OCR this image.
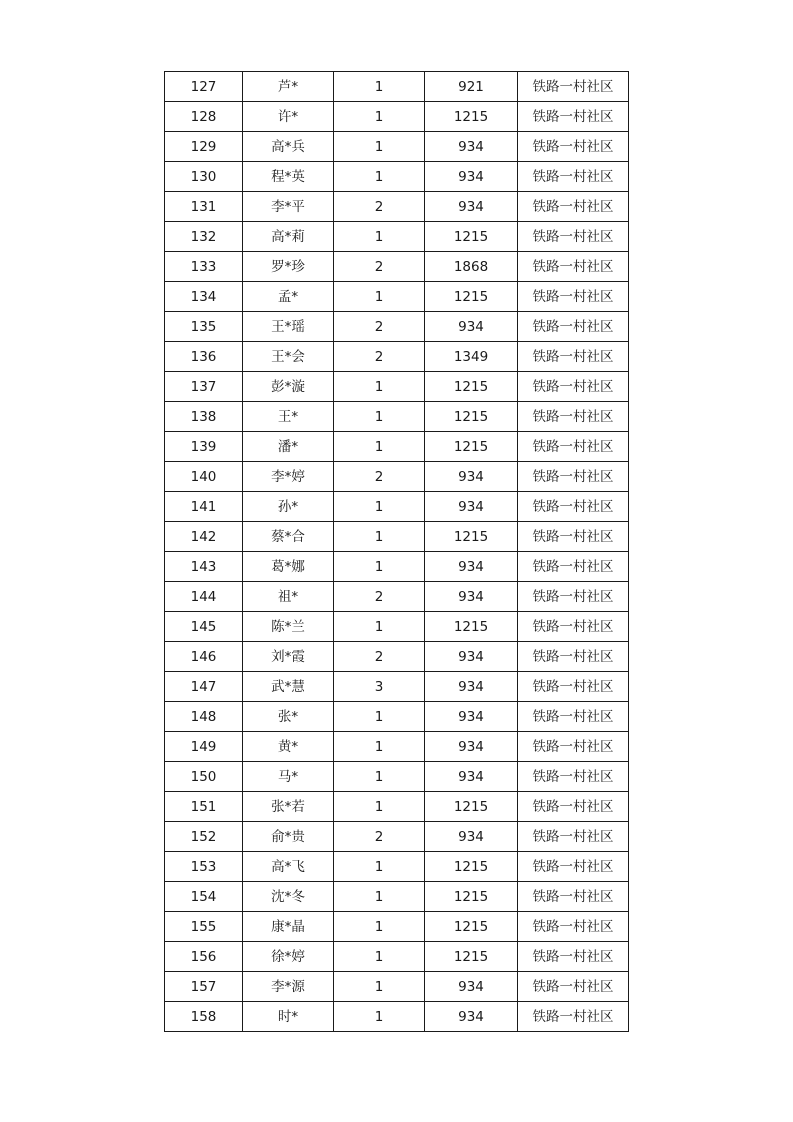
127	芦*	1	921	铁路一村社区
128	许*	1	1215	铁路一村社区
129	高*兵	1	934	铁路一村社区
130	程*英	1	934	铁路一村社区
131	李*平	2	934	铁路一村社区
132	高*莉	1	1215	铁路一村社区
133	罗*珍	2	1868	铁路一村社区
134	孟*	1	1215	铁路一村社区
135	王*瑶	2	934	铁路一村社区
136	王*会	2	1349	铁路一村社区
137	彭*漩	1	1215	铁路一村社区
138	王*	1	1215	铁路一村社区
139	潘*	1	1215	铁路一村社区
140	李*婷	2	934	铁路一村社区
141	孙*	1	934	铁路一村社区
142	蔡*合	1	1215	铁路一村社区
143	葛*娜	1	934	铁路一村社区
144	祖*	2	934	铁路一村社区
145	陈*兰	1	1215	铁路一村社区
146	刘*霞	2	934	铁路一村社区
147	武*慧	3	934	铁路一村社区
148	张*	1	934	铁路一村社区
149	黄*	1	934	铁路一村社区
150	马*	1	934	铁路一村社区
151	张*若	1	1215	铁路一村社区
152	俞*贵	2	934	铁路一村社区
153	高*飞	1	1215	铁路一村社区
154	沈*冬	1	1215	铁路一村社区
155	康*晶	1	1215	铁路一村社区
156	徐*婷	1	1215	铁路一村社区
157	李*源	1	934	铁路一村社区
158	时*	1	934	铁路一村社区
